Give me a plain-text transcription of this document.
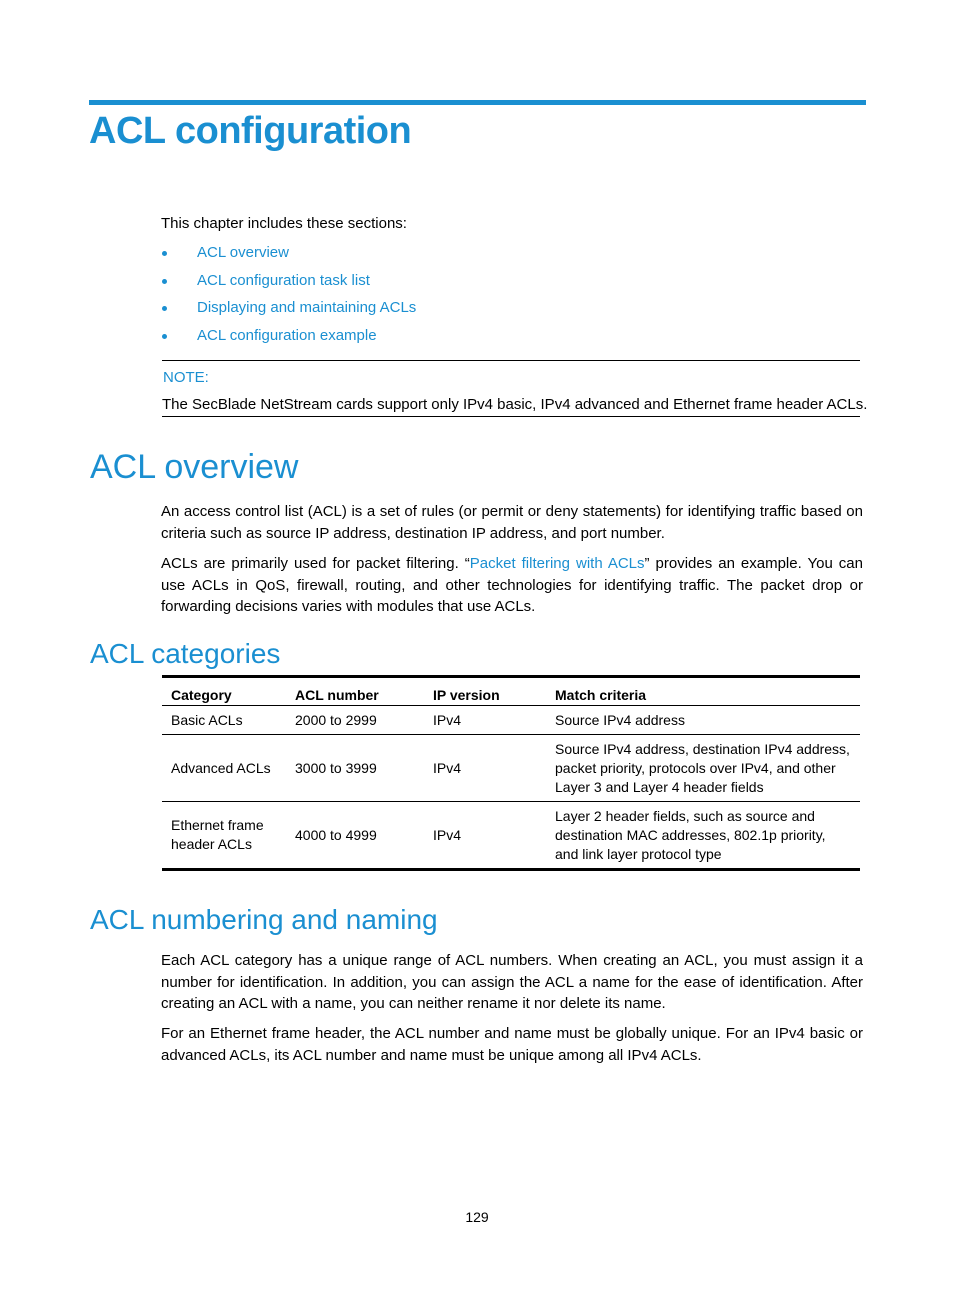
ACL configuration
This chapter includes these sections:
ACL overview
ACL configuration task list
Displaying and maintaining ACLs
ACL configuration example
NOTE:
The SecBlade NetStream cards support only IPv4 basic, IPv4 advanced and Ethernet frame header ACLs.
ACL overview

An access control list (ACL) is a set of rules (or permit or deny statements) for identifying traffic based on criteria such as source IP address, destination IP address, and port number.

ACLs are primarily used for packet filtering. “Packet filtering with ACLs” provides an example. You can use ACLs in QoS, firewall, routing, and other technologies for identifying traffic. The packet drop or forwarding decisions varies with modules that use ACLs.

ACL categories
Category	ACL number	IP version	Match criteria
Basic ACLs	2000 to 2999	IPv4	Source IPv4 address
Advanced ACLs	3000 to 3999	IPv4	Source IPv4 address, destination IPv4 address, packet priority, protocols over IPv4, and other Layer 3 and Layer 4 header fields
Ethernet frame header ACLs	4000 to 4999	IPv4	Layer 2 header fields, such as source and destination MAC addresses, 802.1p priority, and link layer protocol type
ACL numbering and naming

Each ACL category has a unique range of ACL numbers. When creating an ACL, you must assign it a number for identification. In addition, you can assign the ACL a name for the ease of identification. After creating an ACL with a name, you can neither rename it nor delete its name.

For an Ethernet frame header, the ACL number and name must be globally unique. For an IPv4 basic or advanced ACLs, its ACL number and name must be unique among all IPv4 ACLs.

129
